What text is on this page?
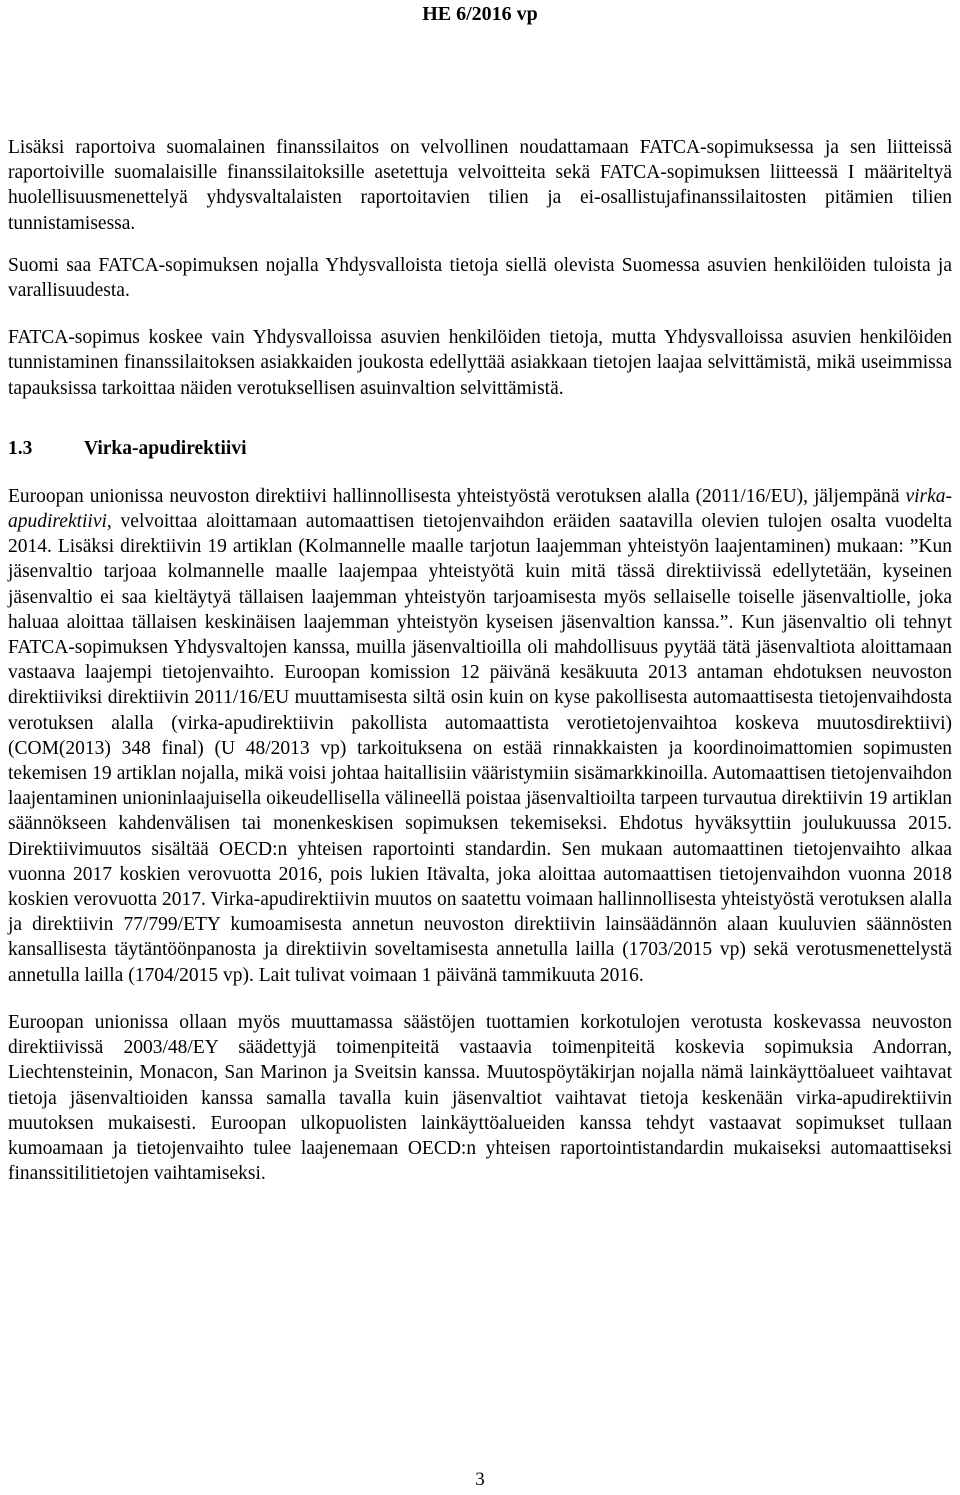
HE 6/2016 vp

Lisäksi raportoiva suomalainen finanssilaitos on velvollinen noudattamaan FATCA-sopimuksessa ja sen liitteissä raportoiville suomalaisille finanssilaitoksille asetettuja velvoitteita sekä FATCA-sopimuksen liitteessä I määriteltyä huolellisuusmenettelyä yhdysvaltalaisten raportoitavien tilien ja ei-osallistujafinanssilaitosten pitämien tilien tunnistamisessa.

Suomi saa FATCA-sopimuksen nojalla Yhdysvalloista tietoja siellä olevista Suomessa asuvien henkilöiden tuloista ja varallisuudesta.

FATCA-sopimus koskee vain Yhdysvalloissa asuvien henkilöiden tietoja, mutta Yhdysvalloissa asuvien henkilöiden tunnistaminen finanssilaitoksen asiakkaiden joukosta edellyttää asiakkaan tietojen laajaa selvittämistä, mikä useimmissa tapauksissa tarkoittaa näiden verotuksellisen asuinvaltion selvittämistä.

1.3	Virka-apudirektiivi

Euroopan unionissa neuvoston direktiivi hallinnollisesta yhteistyöstä verotuksen alalla (2011/16/EU), jäljempänä virka-apudirektiivi, velvoittaa aloittamaan automaattisen tietojenvaihdon eräiden saatavilla olevien tulojen osalta vuodelta 2014. Lisäksi direktiivin 19 artiklan (Kolmannelle maalle tarjotun laajemman yhteistyön laajentaminen) mukaan: ”Kun jäsenvaltio tarjoaa kolmannelle maalle laajempaa yhteistyötä kuin mitä tässä direktiivissä edellytetään, kyseinen jäsenvaltio ei saa kieltäytyä tällaisen laajemman yhteistyön tarjoamisesta myös sellaiselle toiselle jäsenvaltiolle, joka haluaa aloittaa tällaisen keskinäisen laajemman yhteistyön kyseisen jäsenvaltion kanssa.”. Kun jäsenvaltio oli tehnyt FATCA-sopimuksen Yhdysvaltojen kanssa, muilla jäsenvaltioilla oli mahdollisuus pyytää tätä jäsenvaltiota aloittamaan vastaava laajempi tietojenvaihto. Euroopan komission 12 päivänä kesäkuuta 2013 antaman ehdotuksen neuvoston direktiiviksi direktiivin 2011/16/EU muuttamisesta siltä osin kuin on kyse pakollisesta automaattisesta tietojenvaihdosta verotuksen alalla (virka-apudirektiivin pakollista automaattista verotietojenvaihtoa koskeva muutosdirektiivi) (COM(2013) 348 final) (U 48/2013 vp) tarkoituksena on estää rinnakkaisten ja koordinoimattomien sopimusten tekemisen 19 artiklan nojalla, mikä voisi johtaa haitallisiin vääristymiin sisämarkkinoilla. Automaattisen tietojenvaihdon laajentaminen unioninlaajuisella oikeudellisella välineellä poistaa jäsenvaltioilta tarpeen turvautua direktiivin 19 artiklan säännökseen kahdenvälisen tai monenkeskisen sopimuksen tekemiseksi. Ehdotus hyväksyttiin joulukuussa 2015. Direktiivimuutos sisältää OECD:n yhteisen raportointi standardin. Sen mukaan automaattinen tietojenvaihto alkaa vuonna 2017 koskien verovuotta 2016, pois lukien Itävalta, joka aloittaa automaattisen tietojenvaihdon vuonna 2018 koskien verovuotta 2017. Virka-apudirektiivin muutos on saatettu voimaan hallinnollisesta yhteistyöstä verotuksen alalla ja direktiivin 77/799/ETY kumoamisesta annetun neuvoston direktiivin lainsäädännön alaan kuuluvien säännösten kansallisesta täytäntöönpanosta ja direktiivin soveltamisesta annetulla lailla (1703/2015 vp) sekä verotusmenettelystä annetulla lailla (1704/2015 vp). Lait tulivat voimaan 1 päivänä tammikuuta 2016.

Euroopan unionissa ollaan myös muuttamassa säästöjen tuottamien korkotulojen verotusta koskevassa neuvoston direktiivissä 2003/48/EY säädettyjä toimenpiteitä vastaavia toimenpiteitä koskevia sopimuksia Andorran, Liechtensteinin, Monacon, San Marinon ja Sveitsin kanssa. Muutospöytäkirjan nojalla nämä lainkäyttöalueet vaihtavat tietoja jäsenvaltioiden kanssa samalla tavalla kuin jäsenvaltiot vaihtavat tietoja keskenään virka-apudirektiivin muutoksen mukaisesti. Euroopan ulkopuolisten lainkäyttöalueiden kanssa tehdyt vastaavat sopimukset tullaan kumoamaan ja tietojenvaihto tulee laajenemaan OECD:n yhteisen raportointistandardin mukaiseksi automaattiseksi finanssitilitietojen vaihtamiseksi.

3
